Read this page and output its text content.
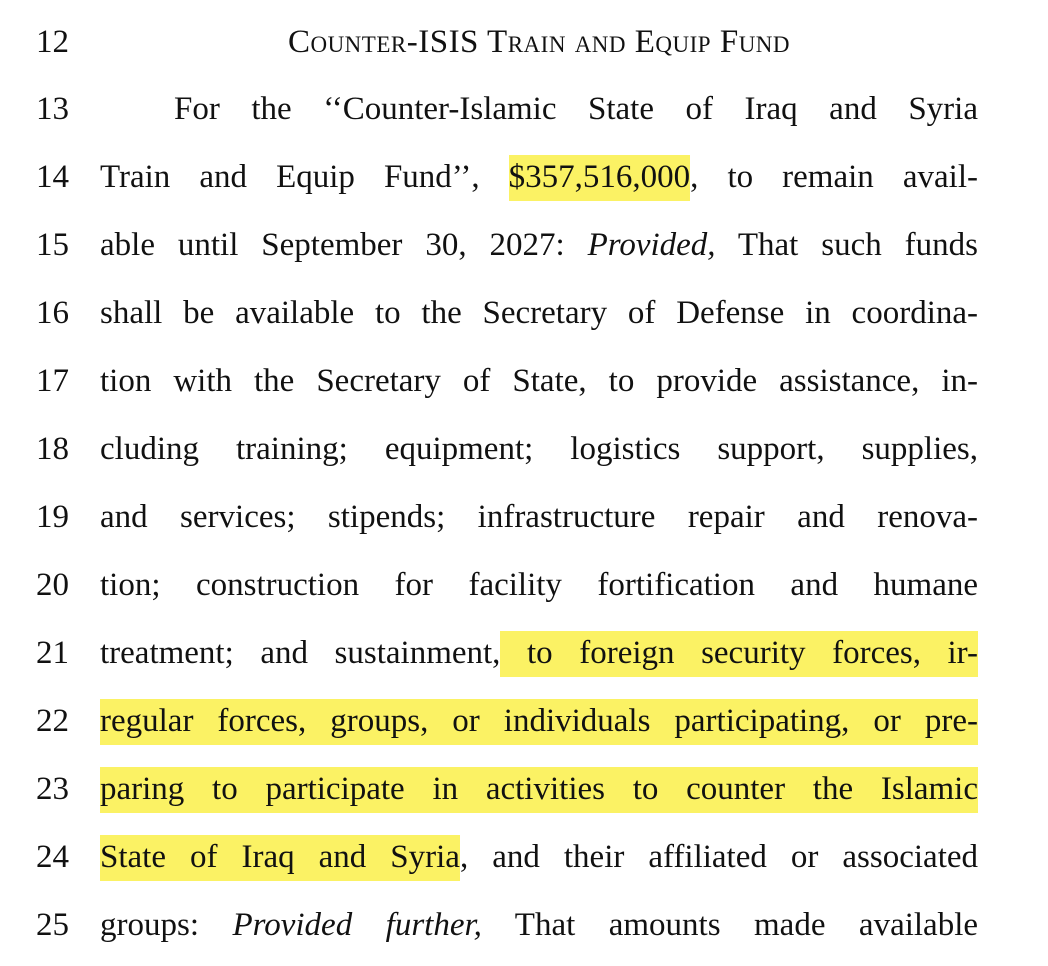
12	Counter-ISIS Train and Equip Fund
13	For the ‘‘Counter-Islamic State of Iraq and Syria
14 Train and Equip Fund’’, $357,516,000, to remain avail-
15 able until September 30, 2027: Provided, That such funds
16 shall be available to the Secretary of Defense in coordina-
17 tion with the Secretary of State, to provide assistance, in-
18 cluding training; equipment; logistics support, supplies,
19 and services; stipends; infrastructure repair and renova-
20 tion; construction for facility fortification and humane
21 treatment; and sustainment, to foreign security forces, ir-
22 regular forces, groups, or individuals participating, or pre-
23 paring to participate in activities to counter the Islamic
24 State of Iraq and Syria, and their affiliated or associated
25 groups: Provided further, That amounts made available
